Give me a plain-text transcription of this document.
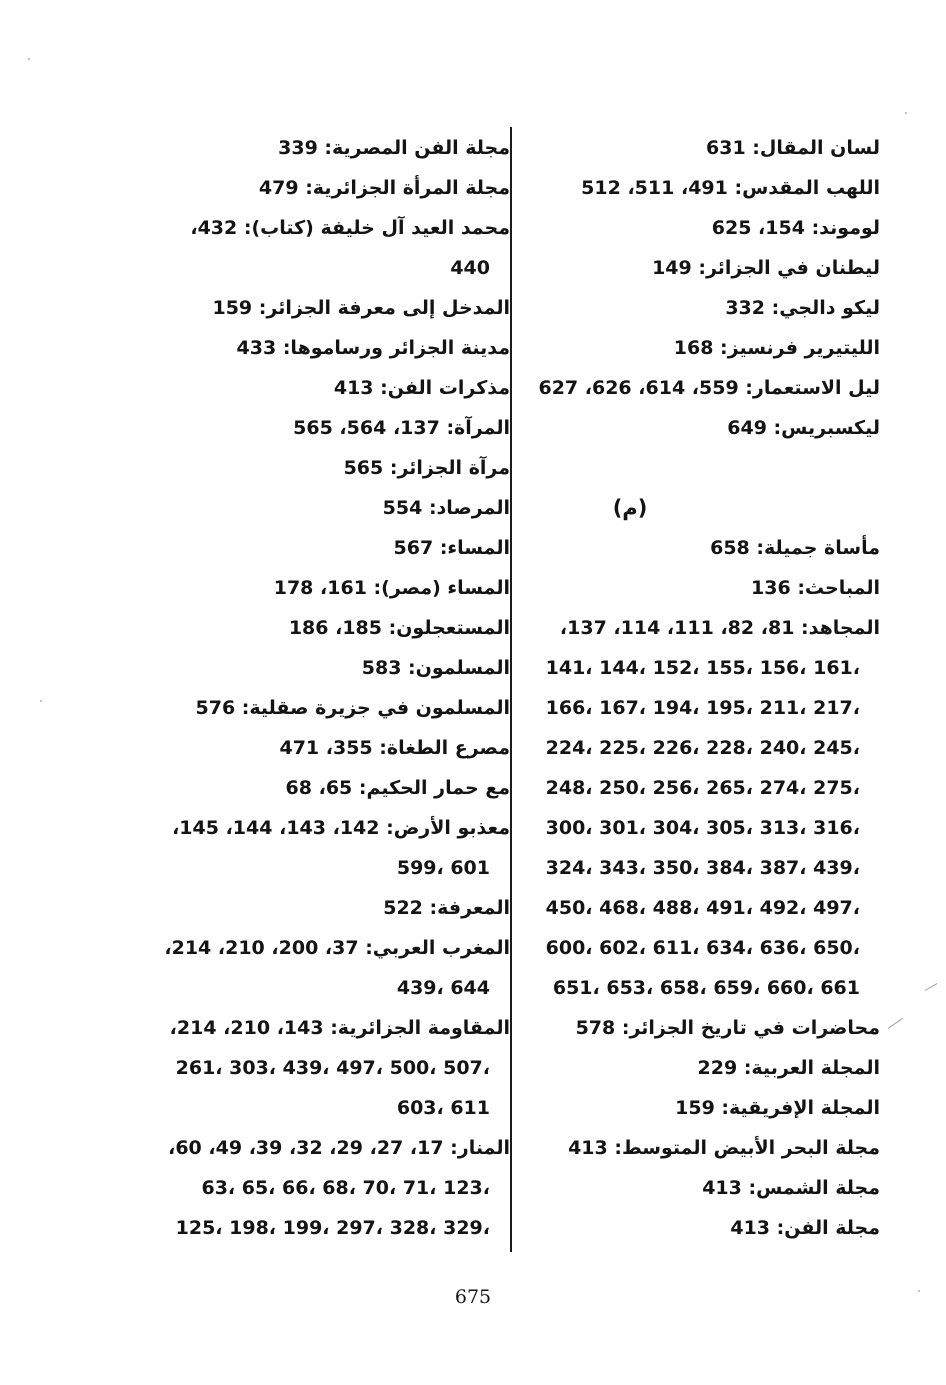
لسان المقال: 631
اللهب المقدس: 491، 511، 512
لوموند: 154، 625
ليطنان في الجزائر: 149
ليكو دالجي: 332
الليتيرير فرنسيز: 168
ليل الاستعمار: 559، 614، 626، 627
ليكسبريس: 649
(م)
مأساة جميلة: 658
المباحث: 136
المجاهد: 81، 82، 111، 114، 137،
141، 144، 152، 155، 156، 161،
166، 167، 194، 195، 211، 217،
224، 225، 226، 228، 240، 245،
248، 250، 256، 265، 274، 275،
300، 301، 304، 305، 313، 316،
324، 343، 350، 384، 387، 439،
450، 468، 488، 491، 492، 497،
600، 602، 611، 634، 636، 650،
651، 653، 658، 659، 660، 661
محاضرات في تاريخ الجزائر: 578
المجلة العربية: 229
المجلة الإفريقية: 159
مجلة البحر الأبيض المتوسط: 413
مجلة الشمس: 413
مجلة الفن: 413
مجلة الفن المصرية: 339
مجلة المرأة الجزائرية: 479
محمد العيد آل خليفة (كتاب): 432،
440
المدخل إلى معرفة الجزائر: 159
مدينة الجزائر ورساموها: 433
مذكرات الفن: 413
المرآة: 137، 564، 565
مرآة الجزائر: 565
المرصاد: 554
المساء: 567
المساء (مصر): 161، 178
المستعجلون: 185، 186
المسلمون: 583
المسلمون في جزيرة صقلية: 576
مصرع الطغاة: 355، 471
مع حمار الحكيم: 65، 68
معذبو الأرض: 142، 143، 144، 145،
599، 601
المعرفة: 522
المغرب العربي: 37، 200، 210، 214،
439، 644
المقاومة الجزائرية: 143، 210، 214،
261، 303، 439، 497، 500، 507،
603، 611
المنار: 17، 27، 29، 32، 39، 49، 60،
63، 65، 66، 68، 70، 71، 123،
125، 198، 199، 297، 328، 329،
675
